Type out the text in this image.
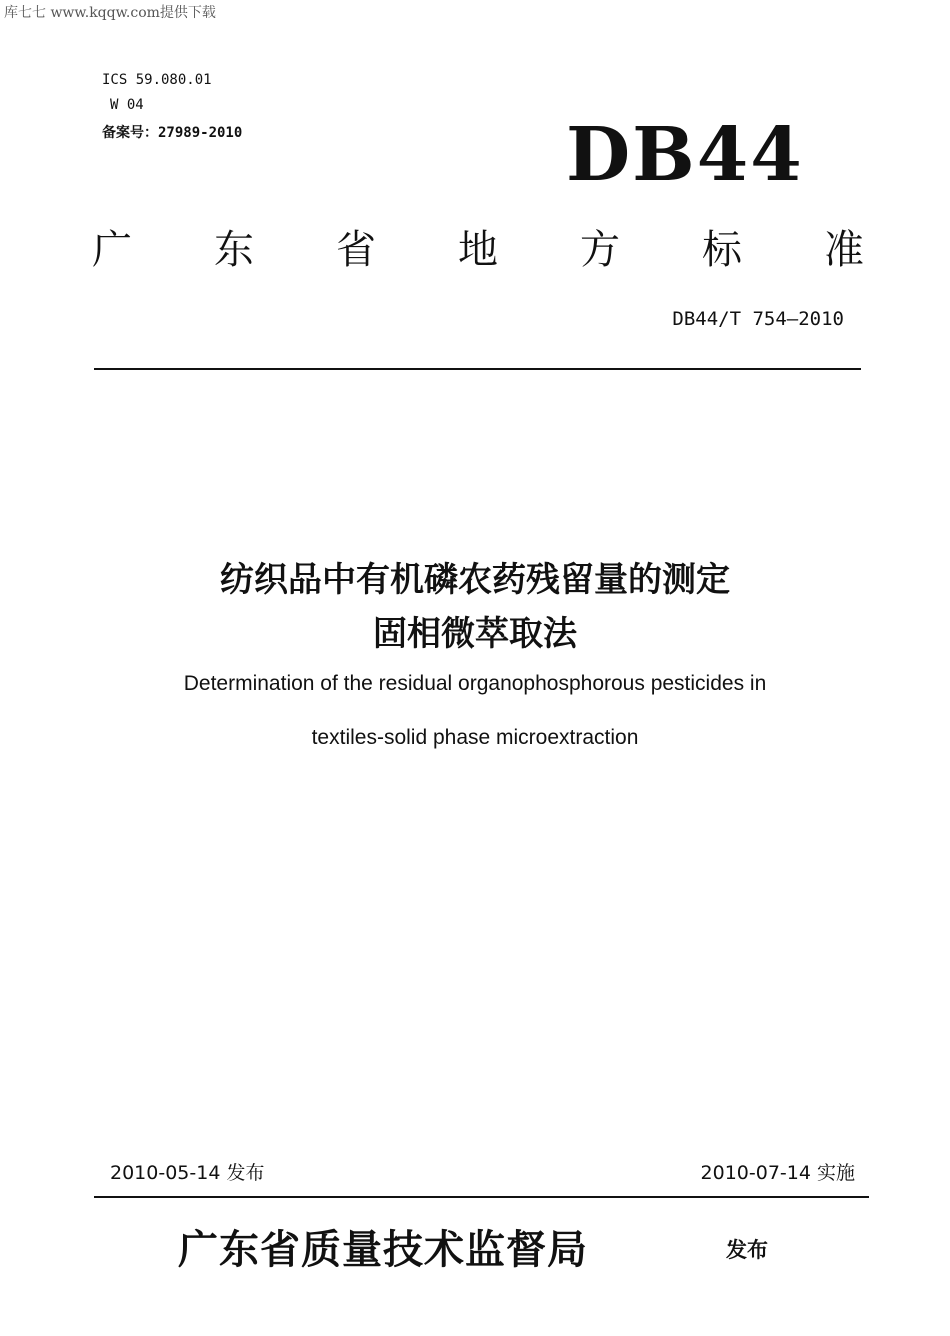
库七七 www.kqqw.com提供下载
ICS 59.080.01
W 04
备案号：27989-2010	DB44
广 东 省 地 方 标 准
DB44/T 754—2010
纺织品中有机磷农药残留量的测定
固相微萃取法
Determination of the residual organophosphorous pesticides in
textiles-solid phase microextraction
2010-05-14 发布	2010-07-14 实施
广东省质量技术监督局	发布
